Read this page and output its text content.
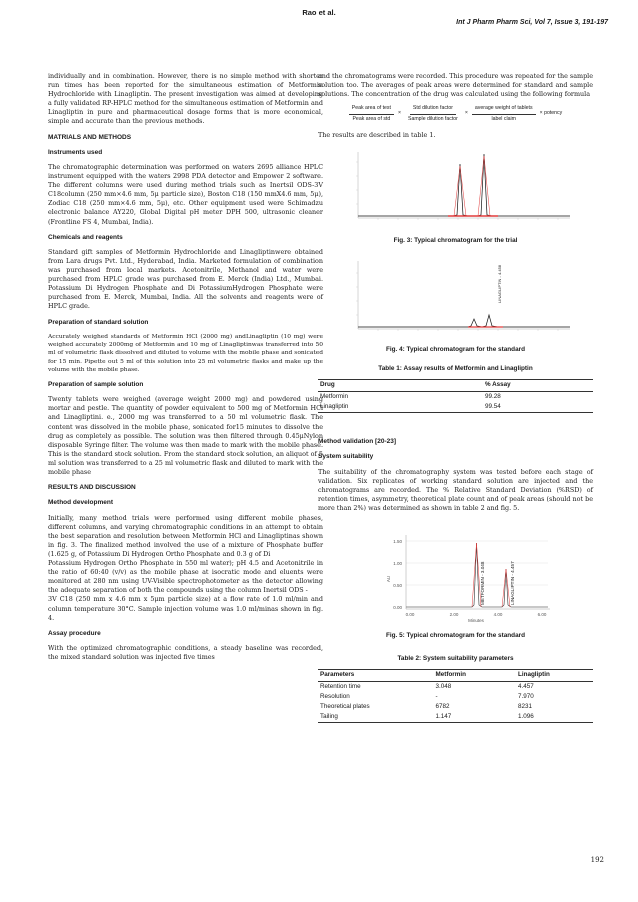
Rao et al.
Int J Pharm Pharm Sci, Vol 7, Issue 3, 191-197

individually and in combination. However, there is no simple method with shorter run times has been reported for the simultaneous estimation of Metformin Hydrochloride with Linagliptin. The present investigation was aimed at developing a fully validated RP-HPLC method for the simultaneous estimation of Metformin and Linagliptin in pure and pharmaceutical dosage forms that is more economical, simple and accurate than the previous methods.

MATRIALS AND METHODS
Instruments used

The chromatographic determination was performed on waters 2695 alliance HPLC instrument equipped with the waters 2998 PDA detector and Empower 2 software. The different columns were used during method trials such as Inertsil ODS-3V C18column (250 mm×4.6 mm, 5μ particle size), Boston C18 (150 mmX4.6 mm, 5μ), Zodiac C18 (250 mm×4.6 mm, 5μ), etc. Other equipment used were Schimadzu electronic balance AY220, Global Digital pH meter DPH 500, ultrasonic cleaner (Frontline FS 4, Mumbai, India).

Chemicals and reagents

Standard gift samples of Metformin Hydrochloride and Linagliptinwere obtained from Lara drugs Pvt. Ltd., Hyderabad, India. Marketed formulation of combination was purchased from local markets. Acetonitrile, Methanol and water were purchased from HPLC grade was purchased from E. Merck (India) Ltd., Mumbai. Potassium Di Hydrogen Phosphate and Di PotassiumHydrogen Phosphate were purchased from E. Merck, Mumbai, India. All the solvents and reagents were of HPLC grade.

Preparation of standard solution

Accurately weighed standards of Metformin HCl (2000 mg) andLinagliptin (10 mg) were weighed accurately 2000mg of Metformin and 10 mg of Linagliptinwas transferred into 50 ml of volumetric flask dissolved and diluted to volume with the mobile phase and sonicated for 15 min. Pipette out 5 ml of this solution into 25 ml volumetric flasks and make up the volume with the mobile phase.

Preparation of sample solution

Twenty tablets were weighed (average weight 2000 mg) and powdered using mortar and pestle. The quantity of powder equivalent to 500 mg of Metformin HCl and Linagliptini. e., 2000 mg was transferred to a 50 ml volumetric flask. The content was dissolved in the mobile phase, sonicated for15 minutes to dissolve the drug as completely as possible. The solution was then filtered through 0.45μNylon disposable Syringe filter. The volume was then made to mark with the mobile phase. This is the standard stock solution. From the standard stock solution, an aliquot of 5 ml solution was transferred to a 25 ml volumetric flask and diluted to mark with the mobile phase

RESULTS AND DISCUSSION
Method development

Initially, many method trials were performed using different mobile phases, different columns, and varying chromatographic conditions in an attempt to obtain the best separation and resolution between Metformin HCl and Linagliptinas shown in fig. 3. The finalized method involved the use of a mixture of Phosphate buffer (1.625 g, of Potassium Di Hydrogen Ortho Phosphate and 0.3 g of Di

Potassium Hydrogen Ortho Phosphate in 550 ml water); pH 4.5 and Acetonitrile in the ratio of 60:40 (v/v) as the mobile phase at isocratic mode and eluents were monitored at 280 nm using UV-Visible spectrophotometer as the detector allowing the adequate separation of both the compounds using the column Inertsil ODS -

3V C18 (250 mm x 4.6 mm x 5μm particle size) at a flow rate of 1.0 ml/min and column temperature 30°C. Sample injection volume was 1.0 ml/minas shown in fig. 4.

Assay procedure

With the optimized chromatographic conditions, a steady baseline was recorded, the mixed standard solution was injected five times

and the chromatograms were recorded. This procedure was repeated for the sample solution too. The averages of peak areas were determined for standard and sample solutions. The concentration of the drug was calculated using the following formula

$\frac{\text{Peak area of test}}{\text{Peak area of std}} \times \frac{\text{Std dilution factor}}{\text{Sample dilution factor}} \times \frac{\text{average weight of tablets}}{\text{label claim}}$ × potency

The results are described in table 1.

Fig. 3: Typical chromatogram for the trial
LINAGLIPTIN - 4.458
Fig. 4: Typical chromatogram for the standard
Table 1: Assay results of Metformin and Linagliptin
Drug	% Assay
Metformin	99.28
Linagliptin	99.54
Method validation [20-23]
System suitability

The suitability of the chromatography system was tested before each stage of validation. Six replicates of working standard solution are injected and the chromatograms are recorded. The % Relative Standard Deviation (%RSD) of retention times, asymmetry, theoretical plate count and of peak areas (should not be more than 2%) was determined as shown in table 2 and fig. 5.

1.50
1.00
0.50
0.00
0.00	2.00	4.00	6.00
Minutes
AU	METFORMIN - 3.048	LINAGLIPTIN - 4.457
Fig. 5: Typical chromatogram for the standard
Table 2: System suitability parameters
Parameters	Metformin	Linagliptin
Retention time	3.048	4.457
Resolution	-	7.970
Theoretical plates	6782	8231
Tailing	1.147	1.096
192
